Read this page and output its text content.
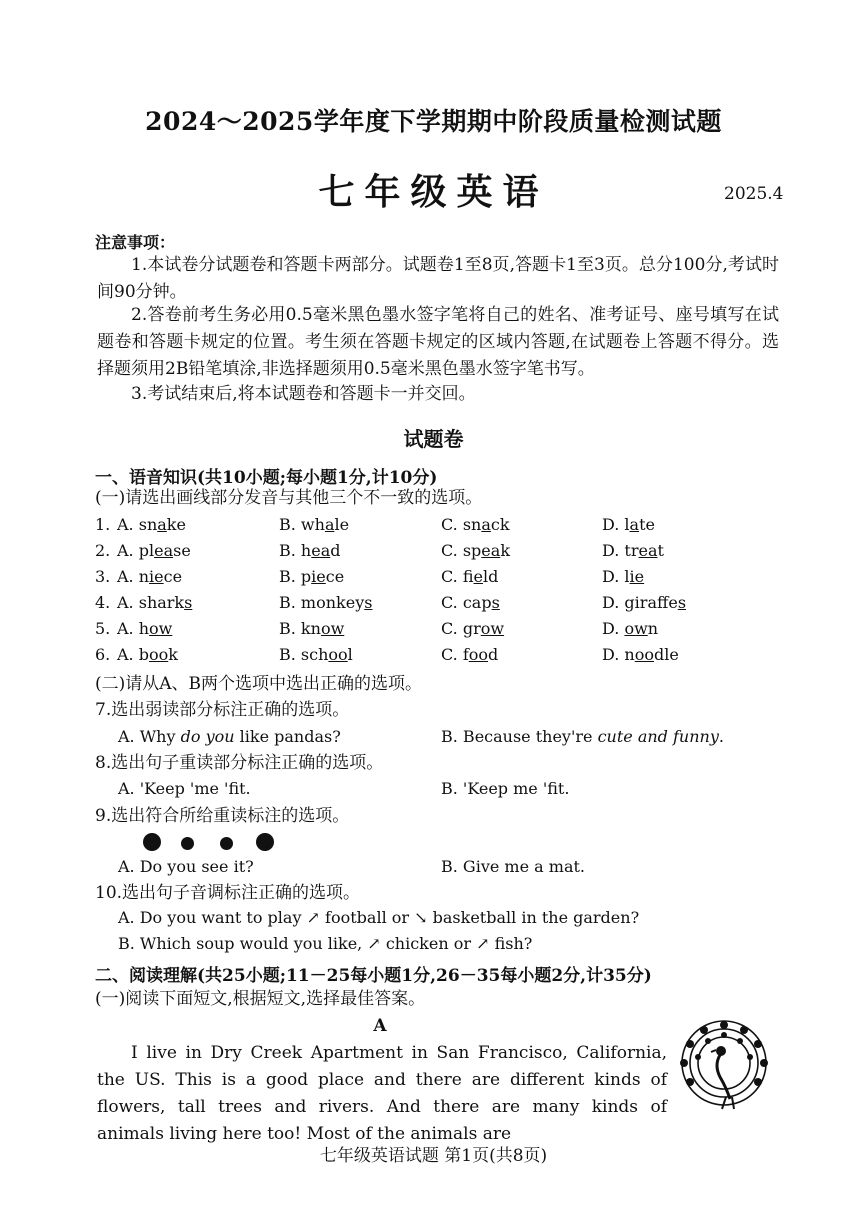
2024～2025学年度下学期期中阶段质量检测试题
七年级英语	2025.4
注意事项：
1.本试卷分试题卷和答题卡两部分。试题卷1至8页,答题卡1至3页。总分100分,考试时间90分钟。
2.答卷前考生务必用0.5毫米黑色墨水签字笔将自己的姓名、准考证号、座号填写在试题卷和答题卡规定的位置。考生须在答题卡规定的区域内答题,在试题卷上答题不得分。选择题须用2B铅笔填涂,非选择题须用0.5毫米黑色墨水签字笔书写。
3.考试结束后,将本试题卷和答题卡一并交回。
试题卷
一、语音知识(共10小题;每小题1分,计10分)
(一)请选出画线部分发音与其他三个不一致的选项。
1. A. snake	B. whale	C. snack	D. late
2. A. please	B. head	C. speak	D. treat
3. A. niece	B. piece	C. field	D. lie
4. A. sharks	B. monkeys	C. caps	D. giraffes
5. A. how	B. know	C. grow	D. own
6. A. book	B. school	C. food	D. noodle
(二)请从A、B两个选项中选出正确的选项。
7.选出弱读部分标注正确的选项。
A. Why do you like pandas?	B. Because they're cute and funny.
8.选出句子重读部分标注正确的选项。
A. 'Keep 'me 'fit.	B. 'Keep me 'fit.
9.选出符合所给重读标注的选项。
A. Do you see it?	B. Give me a mat.
10.选出句子音调标注正确的选项。
A. Do you want to play ↗ football or ↘ basketball in the garden?
B. Which soup would you like, ↗ chicken or ↗ fish?
二、阅读理解(共25小题;11－25每小题1分,26－35每小题2分,计35分)
(一)阅读下面短文,根据短文,选择最佳答案。
A
I live in Dry Creek Apartment in San Francisco, California, the US. This is a good place and there are different kinds of flowers, tall trees and rivers. And there are many kinds of animals living here too! Most of the animals are
七年级英语试题 第1页(共8页)
